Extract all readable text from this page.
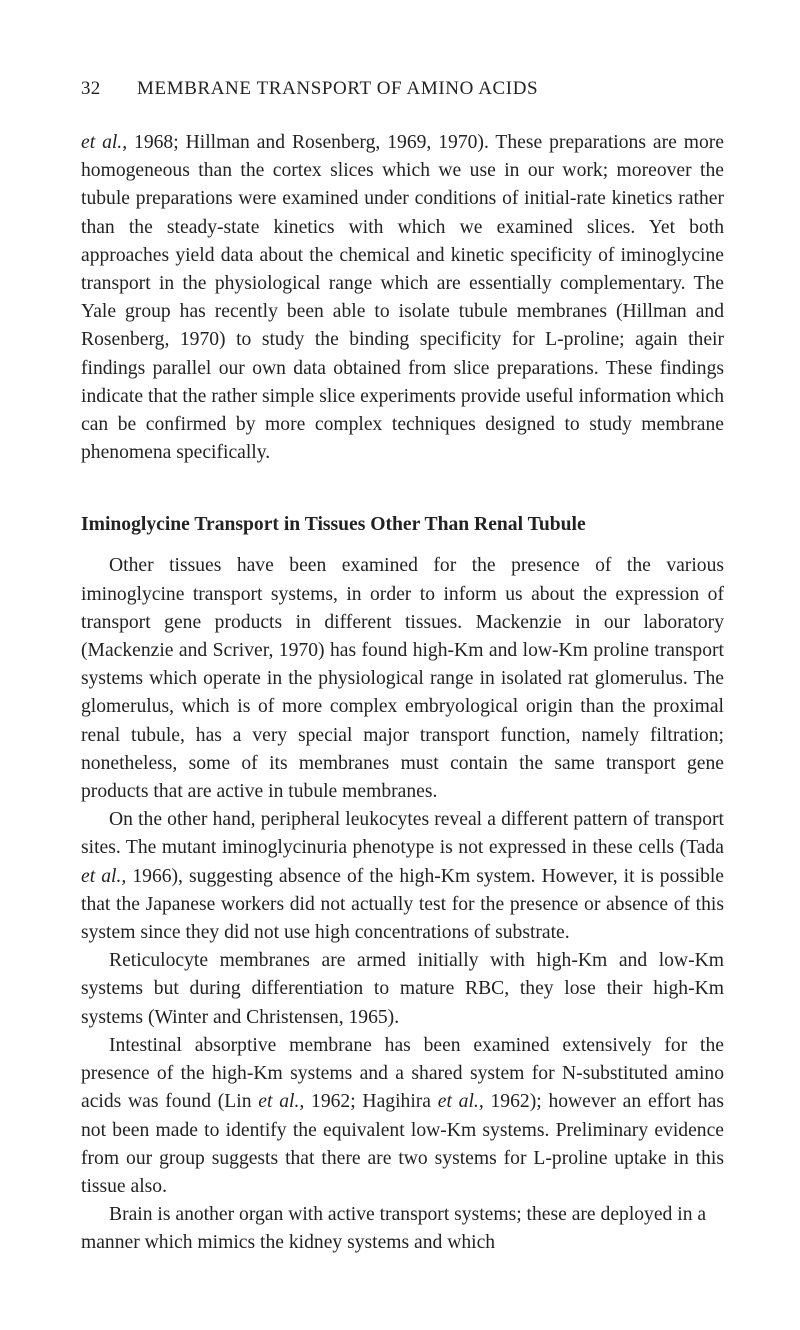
32	MEMBRANE TRANSPORT OF AMINO ACIDS

et al., 1968; Hillman and Rosenberg, 1969, 1970). These preparations are more homogeneous than the cortex slices which we use in our work; moreover the tubule preparations were examined under conditions of initial-rate kinetics rather than the steady-state kinetics with which we examined slices. Yet both approaches yield data about the chemical and kinetic specificity of iminoglycine transport in the physiological range which are essentially complementary. The Yale group has recently been able to isolate tubule membranes (Hillman and Rosenberg, 1970) to study the binding specificity for L-proline; again their findings parallel our own data obtained from slice preparations. These findings indicate that the rather simple slice experiments provide useful information which can be confirmed by more complex techniques designed to study membrane phenomena specifically.

Iminoglycine Transport in Tissues Other Than Renal Tubule

Other tissues have been examined for the presence of the various iminoglycine transport systems, in order to inform us about the expression of transport gene products in different tissues. Mackenzie in our laboratory (Mackenzie and Scriver, 1970) has found high-Km and low-Km proline transport systems which operate in the physiological range in isolated rat glomerulus. The glomerulus, which is of more complex embryological origin than the proximal renal tubule, has a very special major transport function, namely filtration; nonetheless, some of its membranes must contain the same transport gene products that are active in tubule membranes.

On the other hand, peripheral leukocytes reveal a different pattern of transport sites. The mutant iminoglycinuria phenotype is not expressed in these cells (Tada et al., 1966), suggesting absence of the high-Km system. However, it is possible that the Japanese workers did not actually test for the presence or absence of this system since they did not use high concentrations of substrate.

Reticulocyte membranes are armed initially with high-Km and low-Km systems but during differentiation to mature RBC, they lose their high-Km systems (Winter and Christensen, 1965).

Intestinal absorptive membrane has been examined extensively for the presence of the high-Km systems and a shared system for N-substituted amino acids was found (Lin et al., 1962; Hagihira et al., 1962); however an effort has not been made to identify the equivalent low-Km systems. Preliminary evidence from our group suggests that there are two systems for L-proline uptake in this tissue also.

Brain is another organ with active transport systems; these are deployed in a manner which mimics the kidney systems and which
